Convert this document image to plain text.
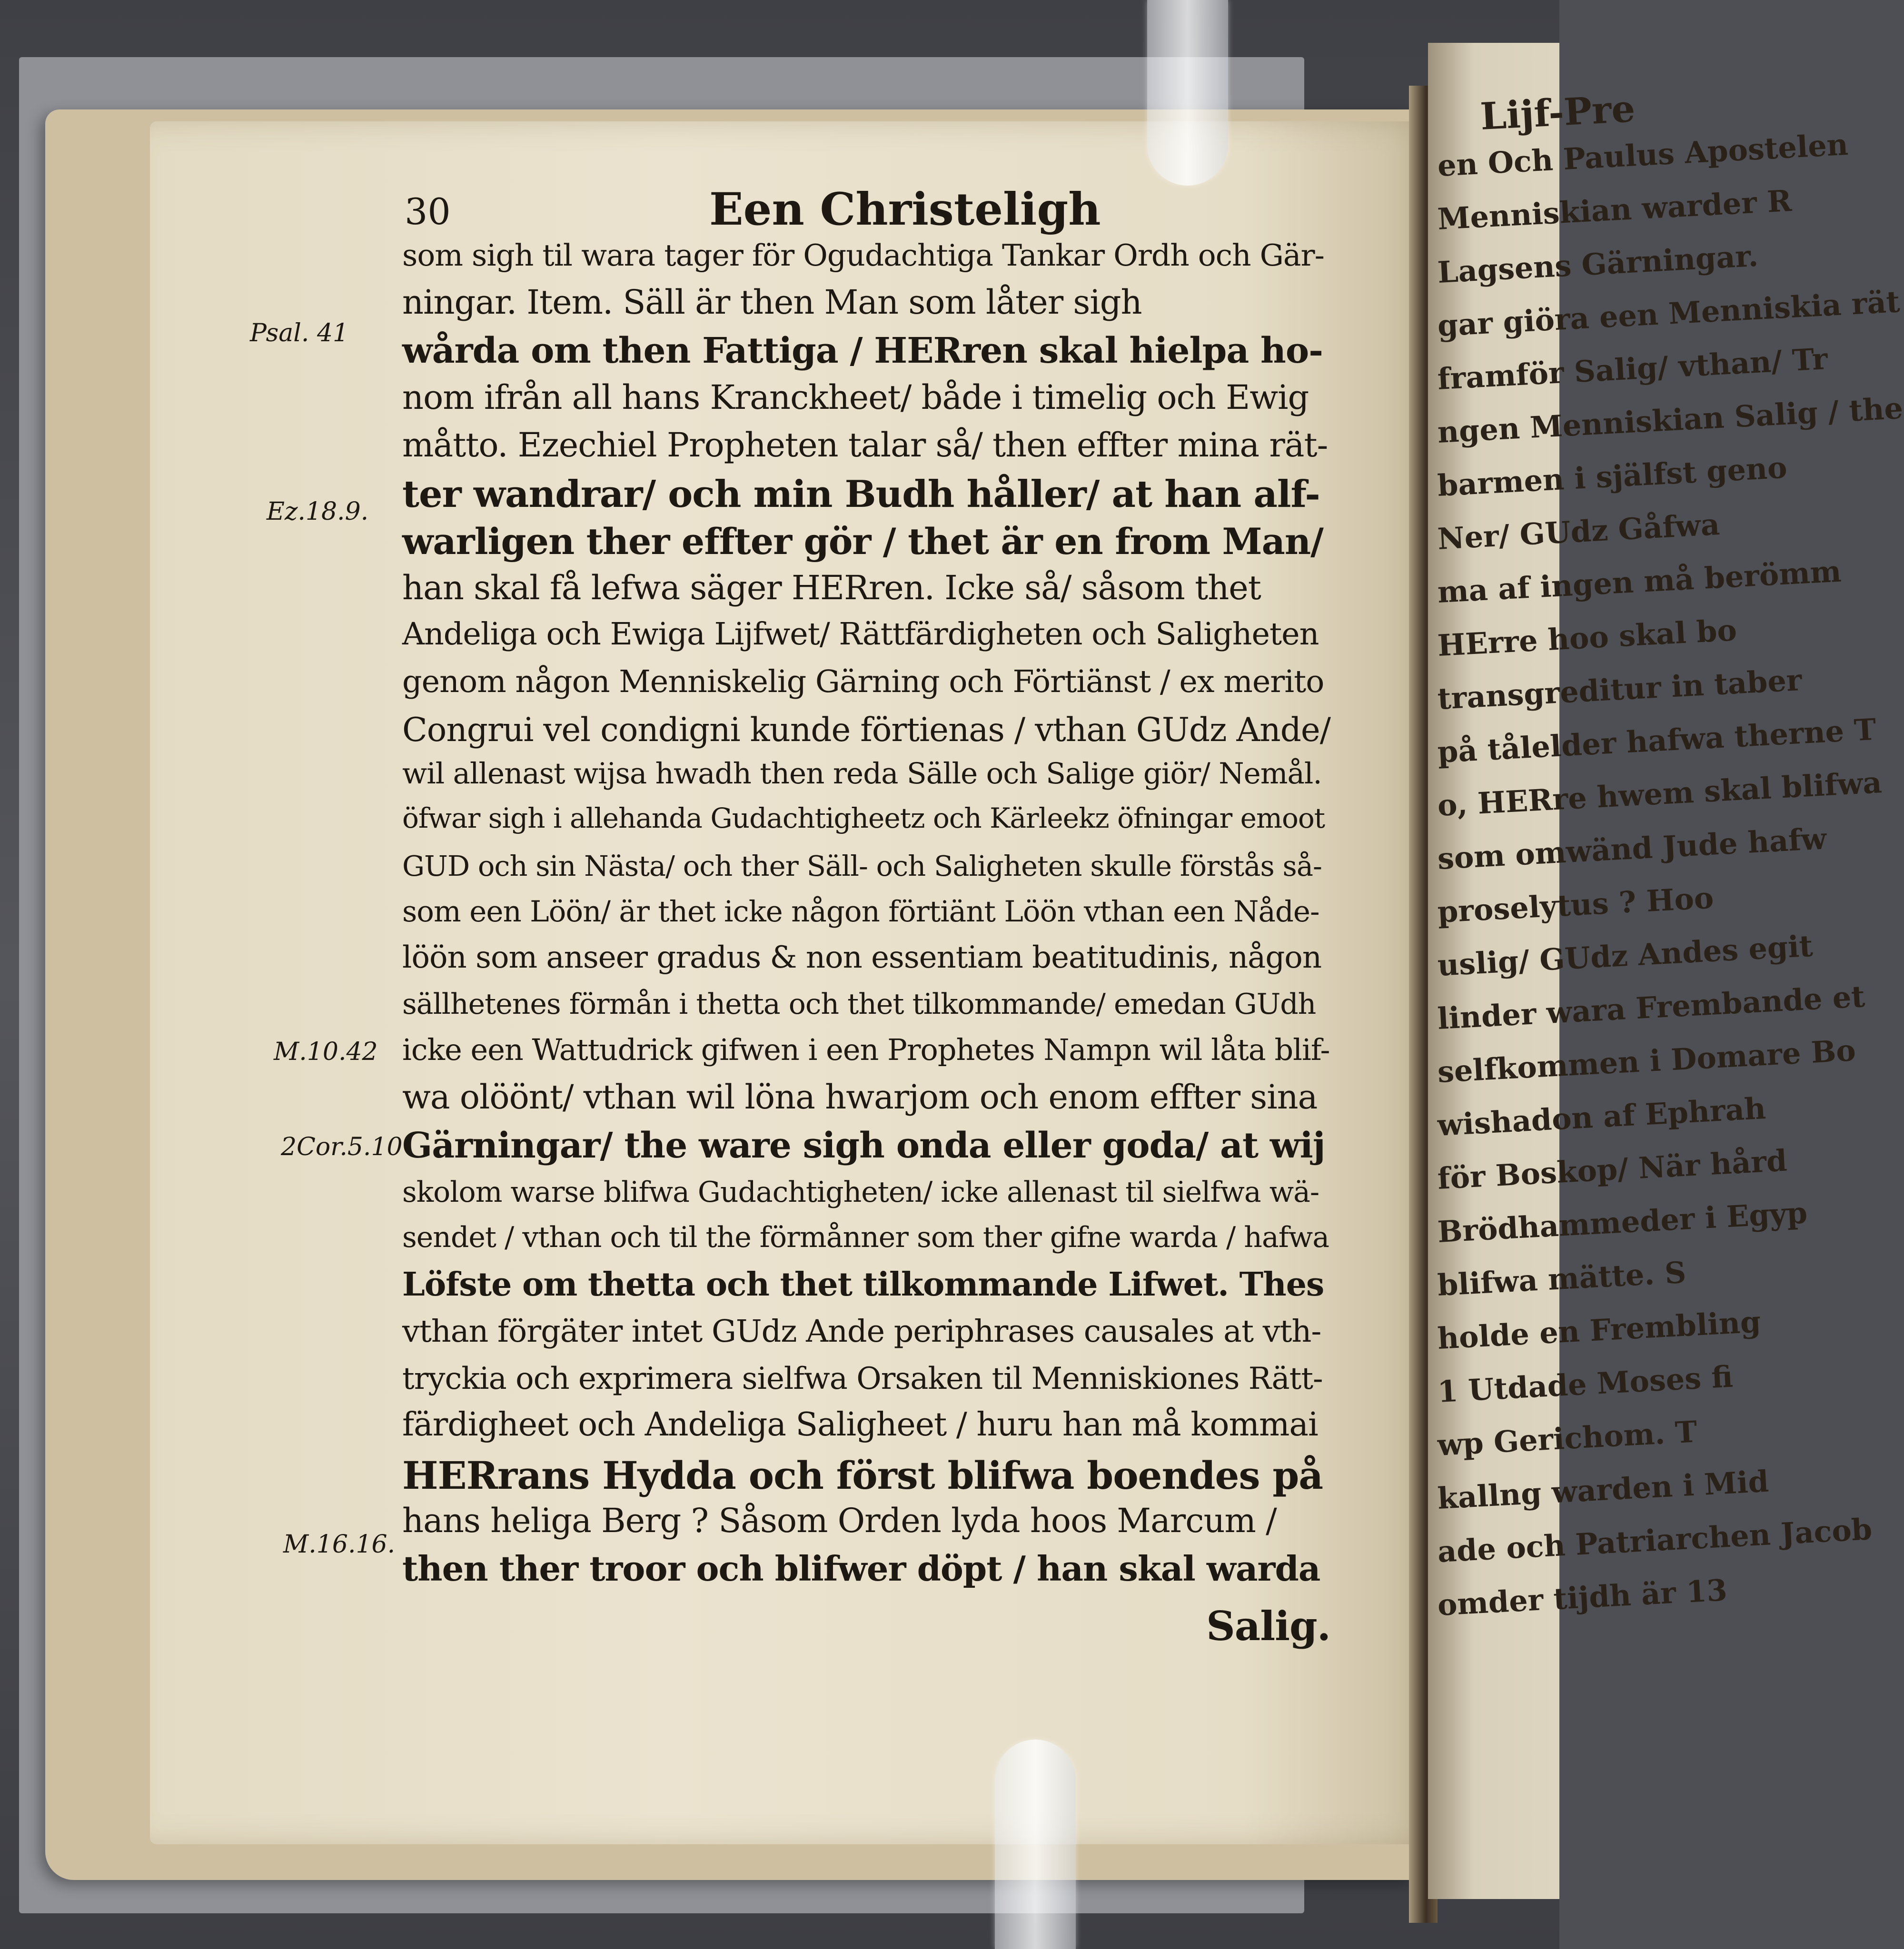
Lijf-Pre
en Och Paulus Apostelen
Menniskian warder R
Lagsens Gärningar.
gar giöra een Menniskia rät
framför Salig/ vthan/ Tr
ngen Menniskian Salig / the
barmen i själfst geno
Ner/ GUdz Gåfwa
ma af ingen må berömm
HErre hoo skal bo
transgreditur in taber
på tålelder hafwa therne T
o, HERre hwem skal blifwa
som omwänd Jude hafw
proselytus ? Hoo
uslig/ GUdz Andes egit
linder wara Frembande et
selfkommen i Domare Bo
wishadon af Ephrah
för Boskop/ När hård
Brödhammeder i Egyp
blifwa mätte. S
holde en Frembling
1 Utdade Moses fi
wp Gerichom. T
kallng warden i Mid
ade och Patriarchen Jacob
omder tijdh är 13
30	Een Christeligh
som sigh til wara tager för Ogudachtiga Tankar Ordh och Gär-
ningar. Item. Säll är then Man som låter sigh
wårda om then Fattiga / HERren skal hielpa ho-
nom ifrån all hans Kranckheet/ både i timelig och Ewig
måtto. Ezechiel Propheten talar så/ then effter mina rät-
ter wandrar/ och min Budh håller/ at han alf-
warligen ther effter gör / thet är en from Man/
han skal få lefwa säger HERren. Icke så/ såsom thet
Andeliga och Ewiga Lijfwet/ Rättfärdigheten och Saligheten
genom någon Menniskelig Gärning och Förtiänst / ex merito
Congrui vel condigni kunde förtienas / vthan GUdz Ande/
wil allenast wijsa hwadh then reda Sälle och Salige giör/ Nemål.
öfwar sigh i allehanda Gudachtigheetz och Kärleekz öfningar emoot
GUD och sin Nästa/ och ther Säll- och Saligheten skulle förstås så-
som een Löön/ är thet icke någon förtiänt Löön vthan een Nåde-
löön som anseer gradus & non essentiam beatitudinis, någon
sällhetenes förmån i thetta och thet tilkommande/ emedan GUdh
icke een Wattudrick gifwen i een Prophetes Nampn wil låta blif-
wa olöönt/ vthan wil löna hwarjom och enom effter sina
Gärningar/ the ware sigh onda eller goda/ at wij
skolom warse blifwa Gudachtigheten/ icke allenast til sielfwa wä-
sendet / vthan och til the förmånner som ther gifne warda / hafwa
Löfste om thetta och thet tilkommande Lifwet. Thes
vthan förgäter intet GUdz Ande periphrases causales at vth-
tryckia och exprimera sielfwa Orsaken til Menniskiones Rätt-
färdigheet och Andeliga Saligheet / huru han må kommai
HERrans Hydda och först blifwa boendes på
hans heliga Berg ? Såsom Orden lyda hoos Marcum /
then ther troor och blifwer döpt / han skal warda
Salig.
Psal. 41
Ez.18.9.
M.10.42
2Cor.5.10
M.16.16.
